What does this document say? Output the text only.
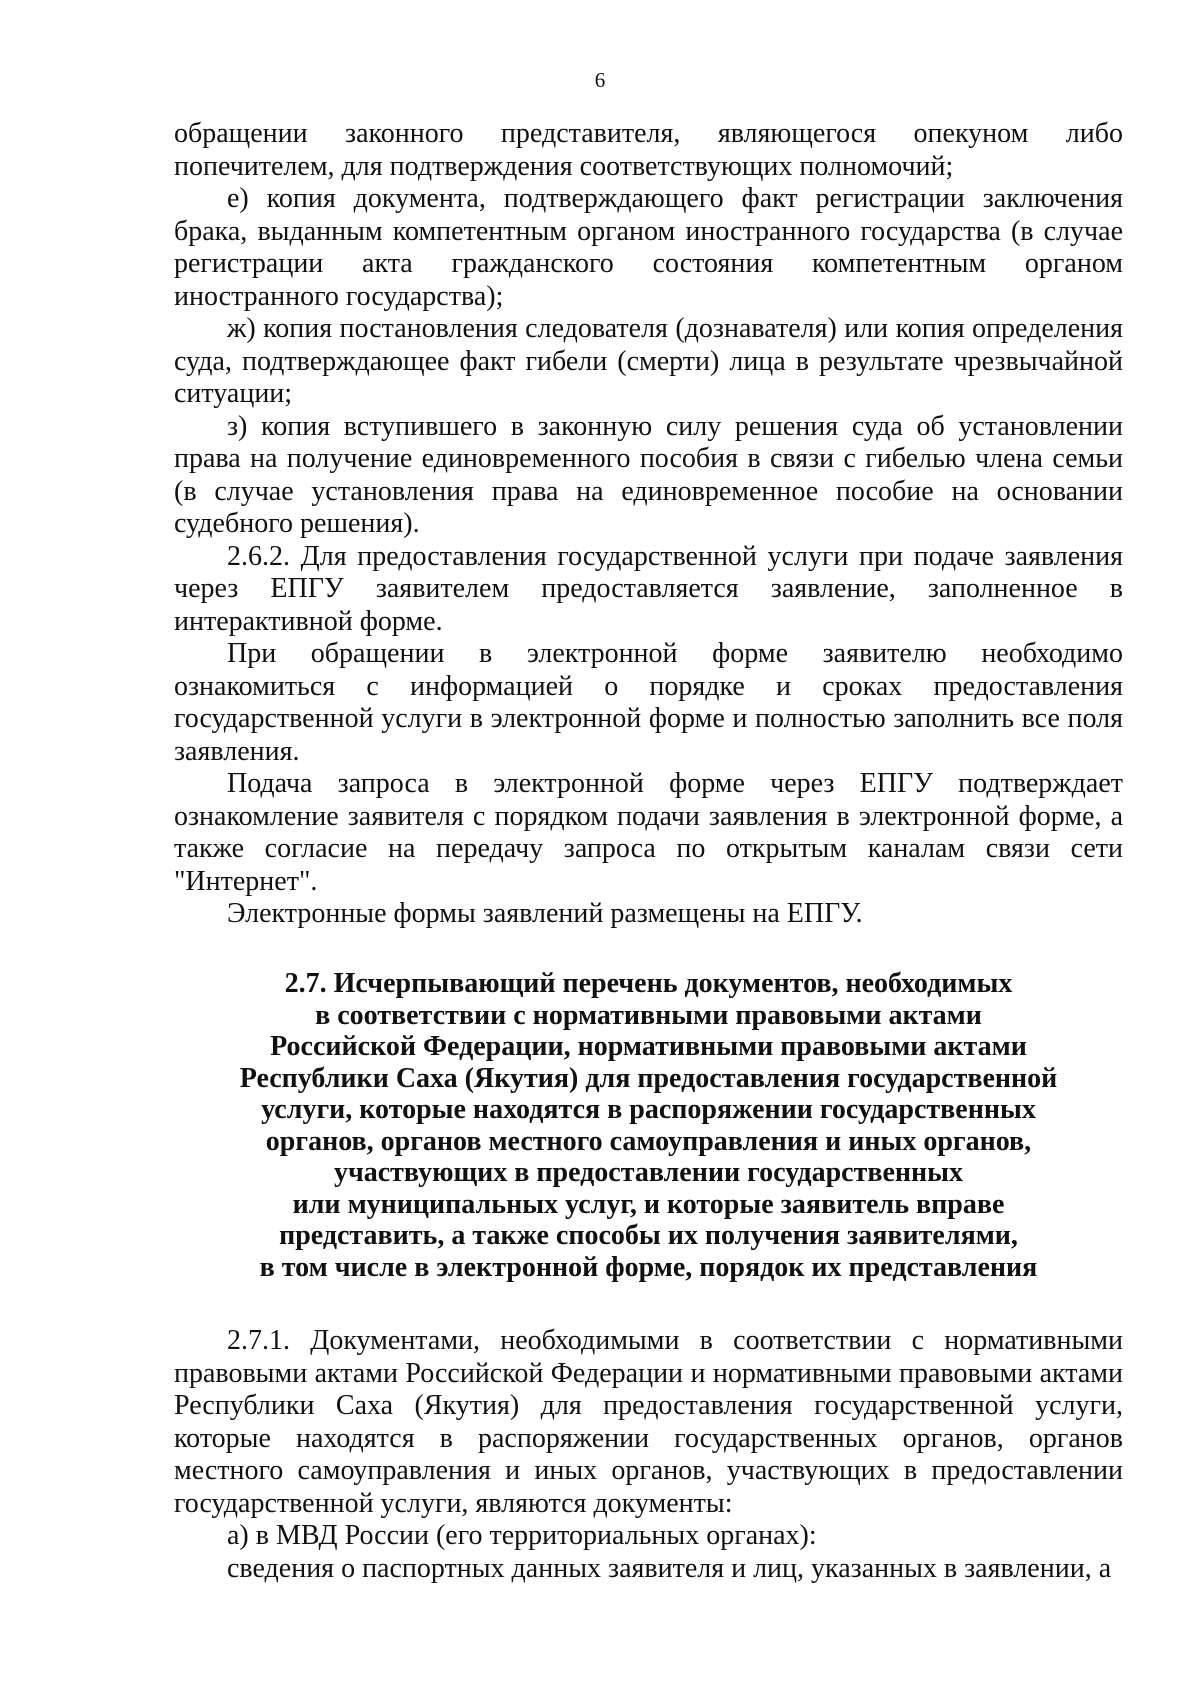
6

обращении законного представителя, являющегося опекуном либо попечителем, для подтверждения соответствующих полномочий;

е) копия документа, подтверждающего факт регистрации заключения брака, выданным компетентным органом иностранного государства (в случае регистрации акта гражданского состояния компетентным органом иностранного государства);

ж) копия постановления следователя (дознавателя) или копия определения суда, подтверждающее факт гибели (смерти) лица в результате чрезвычайной ситуации;

з) копия вступившего в законную силу решения суда об установлении права на получение единовременного пособия в связи с гибелью члена семьи (в случае установления права на единовременное пособие на основании судебного решения).

2.6.2. Для предоставления государственной услуги при подаче заявления через ЕПГУ заявителем предоставляется заявление, заполненное в интерактивной форме.

При обращении в электронной форме заявителю необходимо ознакомиться с информацией о порядке и сроках предоставления государственной услуги в электронной форме и полностью заполнить все поля заявления.

Подача запроса в электронной форме через ЕПГУ подтверждает ознакомление заявителя с порядком подачи заявления в электронной форме, а также согласие на передачу запроса по открытым каналам связи сети "Интернет".

Электронные формы заявлений размещены на ЕПГУ.

2.7. Исчерпывающий перечень документов, необходимых
в соответствии с нормативными правовыми актами
Российской Федерации, нормативными правовыми актами
Республики Саха (Якутия) для предоставления государственной
услуги, которые находятся в распоряжении государственных
органов, органов местного самоуправления и иных органов,
участвующих в предоставлении государственных
или муниципальных услуг, и которые заявитель вправе
представить, а также способы их получения заявителями,
в том числе в электронной форме, порядок их представления

2.7.1. Документами, необходимыми в соответствии с нормативными правовыми актами Российской Федерации и нормативными правовыми актами Республики Саха (Якутия) для предоставления государственной услуги, которые находятся в распоряжении государственных органов, органов местного самоуправления и иных органов, участвующих в предоставлении государственной услуги, являются документы:

а) в МВД России (его территориальных органах):

сведения о паспортных данных заявителя и лиц, указанных в заявлении, а
